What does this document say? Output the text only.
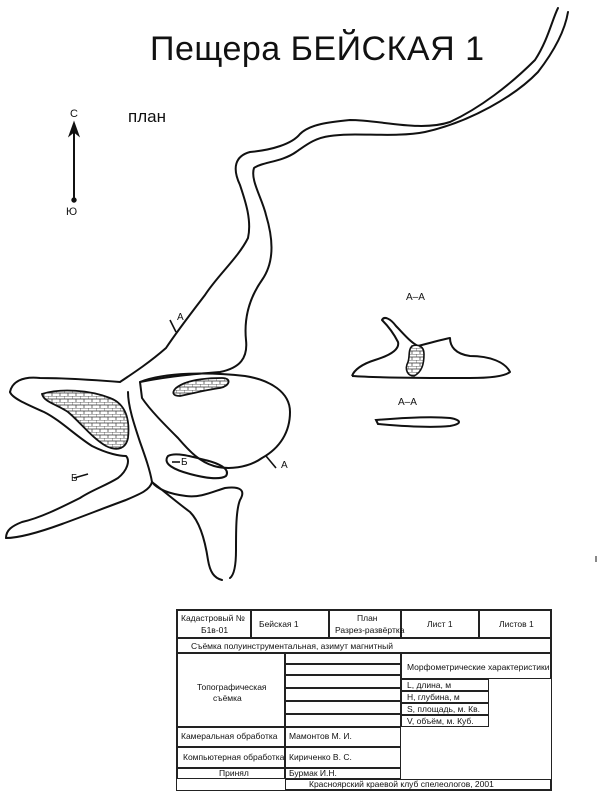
Пещера БЕЙСКАЯ 1
план
С
Ю
А
А
Б
Б
А–А
А–А
Кадастровый №
Б1в-01
Бейская 1
План
Разрез-развёртка
Лист 1	Листов 1
Съёмка полуинструментальная, азимут магнитный
Топографическая
съёмка
Морфометрические характеристики
L, длина, м
H, глубина, м
S, площадь, м. Кв.
V, объём, м. Куб.
Камеральная обработка Мамонтов М. И.
Компьютерная обработка Кириченко В. С.
Принял	Бурмак И.Н.
Красноярский краевой клуб спелеологов, 2001
